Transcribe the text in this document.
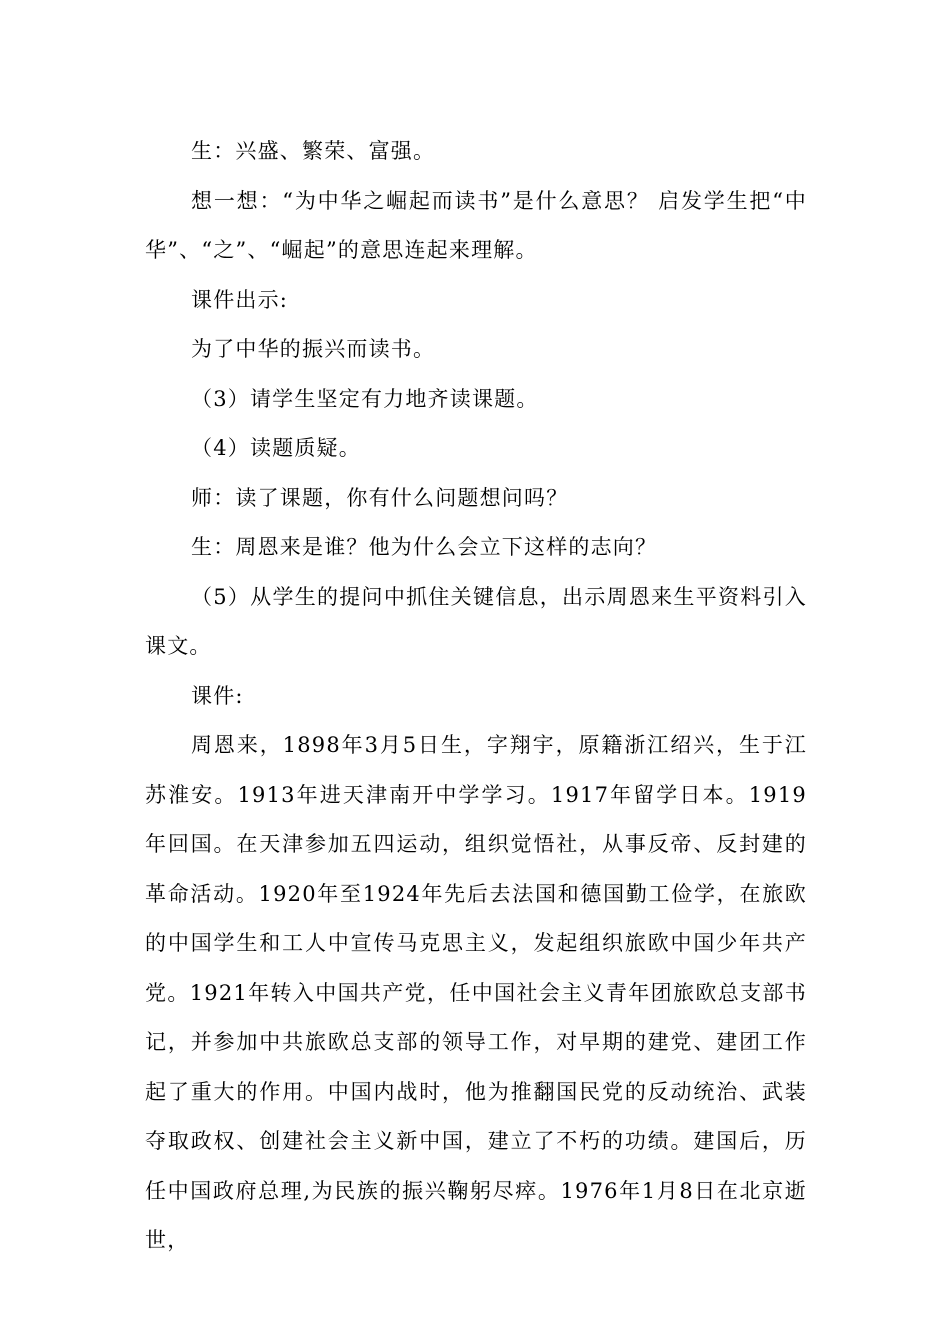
生：兴盛、繁荣、富强。

想一想：“为中华之崛起而读书”是什么意思？ 启发学生把“中华”、“之”、“崛起”的意思连起来理解。

课件出示:

为了中华的振兴而读书。

（3）请学生坚定有力地齐读课题。

（4）读题质疑。

师：读了课题，你有什么问题想问吗？

生：周恩来是谁？他为什么会立下这样的志向？

（5）从学生的提问中抓住关键信息，出示周恩来生平资料引入课文。

课件:

周恩来，1898年3月5日生，字翔宇，原籍浙江绍兴，生于江苏淮安。1913年进天津南开中学学习。1917年留学日本。1919年回国。在天津参加五四运动，组织觉悟社，从事反帝、反封建的革命活动。1920年至1924年先后去法国和德国勤工俭学，在旅欧的中国学生和工人中宣传马克思主义，发起组织旅欧中国少年共产党。1921年转入中国共产党，任中国社会主义青年团旅欧总支部书记，并参加中共旅欧总支部的领导工作，对早期的建党、建团工作起了重大的作用。中国内战时，他为推翻国民党的反动统治、武装夺取政权、创建社会主义新中国，建立了不朽的功绩。建国后，历任中国政府总理,为民族的振兴鞠躬尽瘁。1976年1月8日在北京逝世，
